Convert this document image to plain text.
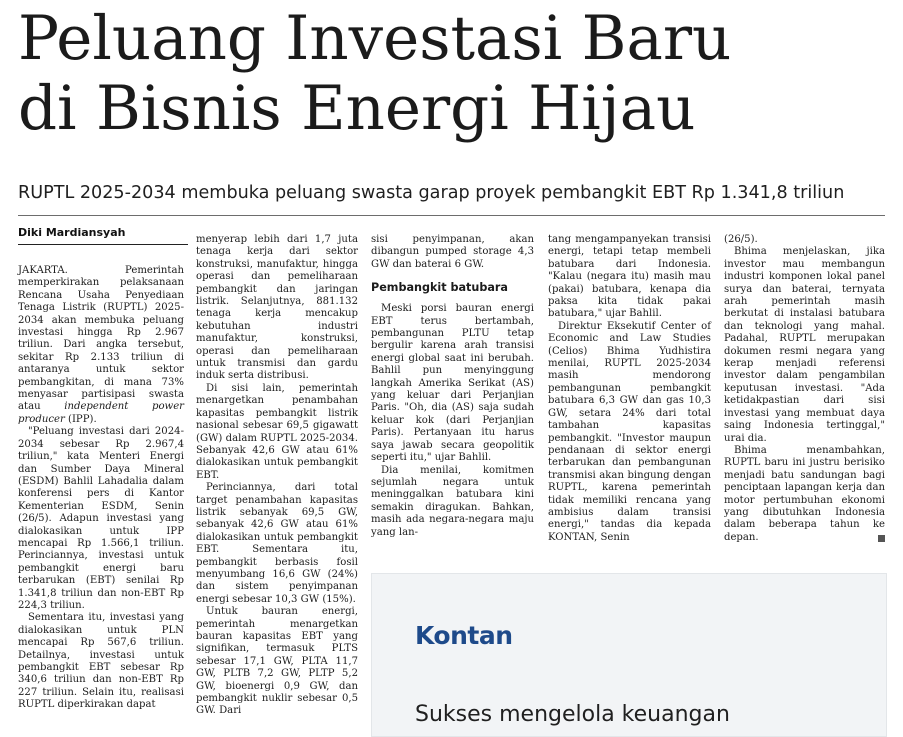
Peluang Investasi Baru
di Bisnis Energi Hijau

RUPTL 2025-2034 membuka peluang swasta garap proyek pembangkit EBT Rp 1.341,8 triliun

Diki Mardiansyah

JAKARTA. Pemerintah memperkirakan pelaksanaan Rencana Usaha Penyediaan Tenaga Listrik (RUPTL) 2025-2034 akan membuka peluang investasi hingga Rp 2.967 triliun. Dari angka tersebut, sekitar Rp 2.133 triliun di antaranya untuk sektor pembangkitan, di mana 73% menyasar partisipasi swasta atau independent power producer (IPP).

"Peluang investasi dari 2024-2034 sebesar Rp 2.967,4 triliun," kata Menteri Energi dan Sumber Daya Mineral (ESDM) Bahlil Lahadalia dalam konferensi pers di Kantor Kementerian ESDM, Senin (26/5). Adapun investasi yang dialokasikan untuk IPP mencapai Rp 1.566,1 triliun. Perinciannya, investasi untuk pembangkit energi baru terbarukan (EBT) senilai Rp 1.341,8 triliun dan non-EBT Rp 224,3 triliun.

Sementara itu, investasi yang dialokasikan untuk PLN mencapai Rp 567,6 triliun. Detailnya, investasi untuk pembangkit EBT sebesar Rp 340,6 triliun dan non-EBT Rp 227 triliun. Selain itu, realisasi RUPTL diperkirakan dapat

menyerap lebih dari 1,7 juta tenaga kerja dari sektor konstruksi, manufaktur, hingga operasi dan pemeliharaan pembangkit dan jaringan listrik. Selanjutnya, 881.132 tenaga kerja mencakup kebutuhan industri manufaktur, konstruksi, operasi dan pemeliharaan untuk transmisi dan gardu induk serta distribusi.

Di sisi lain, pemerintah menargetkan penambahan kapasitas pembangkit listrik nasional sebesar 69,5 gigawatt (GW) dalam RUPTL 2025-2034. Sebanyak 42,6 GW atau 61% dialokasikan untuk pembangkit EBT.

Perinciannya, dari total target penambahan kapasitas listrik sebanyak 69,5 GW, sebanyak 42,6 GW atau 61% dialokasikan untuk pembangkit EBT. Sementara itu, pembangkit berbasis fosil menyumbang 16,6 GW (24%) dan sistem penyimpanan energi sebesar 10,3 GW (15%).

Untuk bauran energi, pemerintah menargetkan bauran kapasitas EBT yang signifikan, termasuk PLTS sebesar 17,1 GW, PLTA 11,7 GW, PLTB 7,2 GW, PLTP 5,2 GW, bioenergi 0,9 GW, dan pembangkit nuklir sebesar 0,5 GW. Dari

sisi penyimpanan, akan dibangun pumped storage 4,3 GW dan baterai 6 GW.

Pembangkit batubara

Meski porsi bauran energi EBT terus bertambah, pembangunan PLTU tetap bergulir karena arah transisi energi global saat ini berubah. Bahlil pun menyinggung langkah Amerika Serikat (AS) yang keluar dari Perjanjian Paris. "Oh, dia (AS) saja sudah keluar kok (dari Perjanjian Paris). Pertanyaan itu harus saya jawab secara geopolitik seperti itu," ujar Bahlil.

Dia menilai, komitmen sejumlah negara untuk meninggalkan batubara kini semakin diragukan. Bahkan, masih ada negara-negara maju yang lan-

tang mengampanyekan transisi energi, tetapi tetap membeli batubara dari Indonesia. "Kalau (negara itu) masih mau (pakai) batubara, kenapa dia paksa kita tidak pakai batubara," ujar Bahlil.

Direktur Eksekutif Center of Economic and Law Studies (Celios) Bhima Yudhistira menilai, RUPTL 2025-2034 masih mendorong pembangunan pembangkit batubara 6,3 GW dan gas 10,3 GW, setara 24% dari total tambahan kapasitas pembangkit. "Investor maupun pendanaan di sektor energi terbarukan dan pembangunan transmisi akan bingung dengan RUPTL, karena pemerintah tidak memiliki rencana yang ambisius dalam transisi energi," tandas dia kepada KONTAN, Senin

(26/5).

Bhima menjelaskan, jika investor mau membangun industri komponen lokal panel surya dan baterai, ternyata arah pemerintah masih berkutat di instalasi batubara dan teknologi yang mahal. Padahal, RUPTL merupakan dokumen resmi negara yang kerap menjadi referensi investor dalam pengambilan keputusan investasi. "Ada ketidakpastian dari sisi investasi yang membuat daya saing Indonesia tertinggal," urai dia.

Bhima menambahkan, RUPTL baru ini justru berisiko menjadi batu sandungan bagi penciptaan lapangan kerja dan motor pertumbuhan ekonomi yang dibutuhkan Indonesia dalam beberapa tahun ke depan.

Kontan
Sukses mengelola keuangan
